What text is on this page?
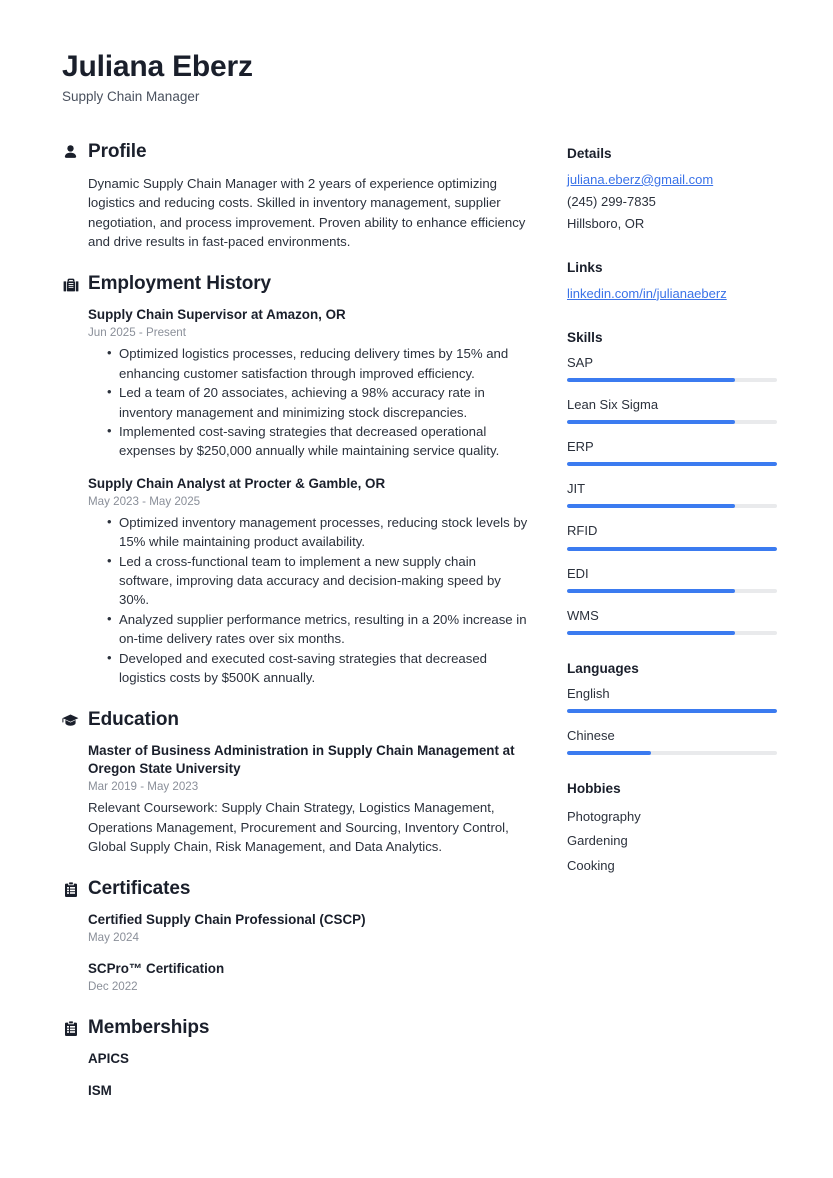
Juliana Eberz

Supply Chain Manager

Profile

Dynamic Supply Chain Manager with 2 years of experience optimizing logistics and reducing costs. Skilled in inventory management, supplier negotiation, and process improvement. Proven ability to enhance efficiency and drive results in fast-paced environments.

Employment History

Supply Chain Supervisor at Amazon, OR

Jun 2025 - Present

• Optimized logistics processes, reducing delivery times by 15% and enhancing customer satisfaction through improved efficiency.
• Led a team of 20 associates, achieving a 98% accuracy rate in inventory management and minimizing stock discrepancies.
• Implemented cost-saving strategies that decreased operational expenses by $250,000 annually while maintaining service quality.

Supply Chain Analyst at Procter & Gamble, OR

May 2023 - May 2025

• Optimized inventory management processes, reducing stock levels by 15% while maintaining product availability.
• Led a cross-functional team to implement a new supply chain software, improving data accuracy and decision-making speed by 30%.
• Analyzed supplier performance metrics, resulting in a 20% increase in on-time delivery rates over six months.
• Developed and executed cost-saving strategies that decreased logistics costs by $500K annually.
Education

Master of Business Administration in Supply Chain Management at Oregon State University

Mar 2019 - May 2023

Relevant Coursework: Supply Chain Strategy, Logistics Management, Operations Management, Procurement and Sourcing, Inventory Control, Global Supply Chain, Risk Management, and Data Analytics.

Certificates

Certified Supply Chain Professional (CSCP)

May 2024

SCPro™ Certification

Dec 2022

Memberships

APICS

ISM

Details

juliana.eberz@gmail.com

(245) 299-7835

Hillsboro, OR

Links

linkedin.com/in/julianaeberz

Skills

SAP
Lean Six Sigma
ERP
JIT
RFID
EDI
WMS

Languages

English
Chinese

Hobbies

Photography
Gardening
Cooking
